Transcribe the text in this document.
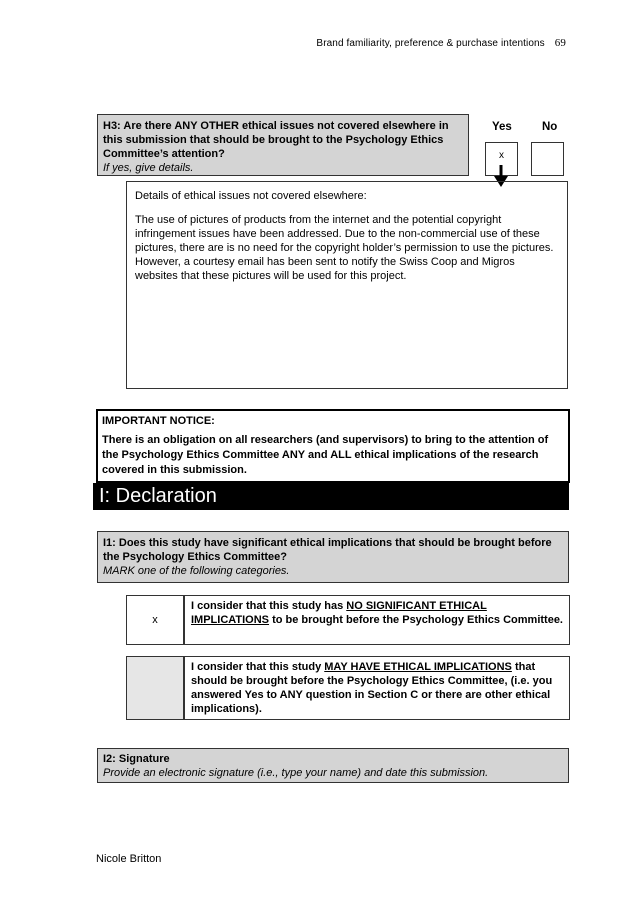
Brand familiarity, preference & purchase intentions 69
H3: Are there ANY OTHER ethical issues not covered elsewhere in this submission that should be brought to the Psychology Ethics Committee’s attention?
If yes, give details.
Yes	No
x

Details of ethical issues not covered elsewhere:

The use of pictures of products from the internet and the potential copyright infringement issues have been addressed. Due to the non-commercial use of these pictures, there are is no need for the copyright holder’s permission to use the pictures. However, a courtesy email has been sent to notify the Swiss Coop and Migros websites that these pictures will be used for this project.

IMPORTANT NOTICE:
There is an obligation on all researchers (and supervisors) to bring to the attention of the Psychology Ethics Committee ANY and ALL ethical implications of the research covered in this submission.
I: Declaration
I1: Does this study have significant ethical implications that should be brought before the Psychology Ethics Committee?
MARK one of the following categories.
x
I consider that this study has NO SIGNIFICANT ETHICAL IMPLICATIONS to be brought before the Psychology Ethics Committee.
I consider that this study MAY HAVE ETHICAL IMPLICATIONS that should be brought before the Psychology Ethics Committee, (i.e. you answered Yes to ANY question in Section C or there are other ethical implications).
I2: Signature
Provide an electronic signature (i.e., type your name) and date this submission.
Nicole Britton
